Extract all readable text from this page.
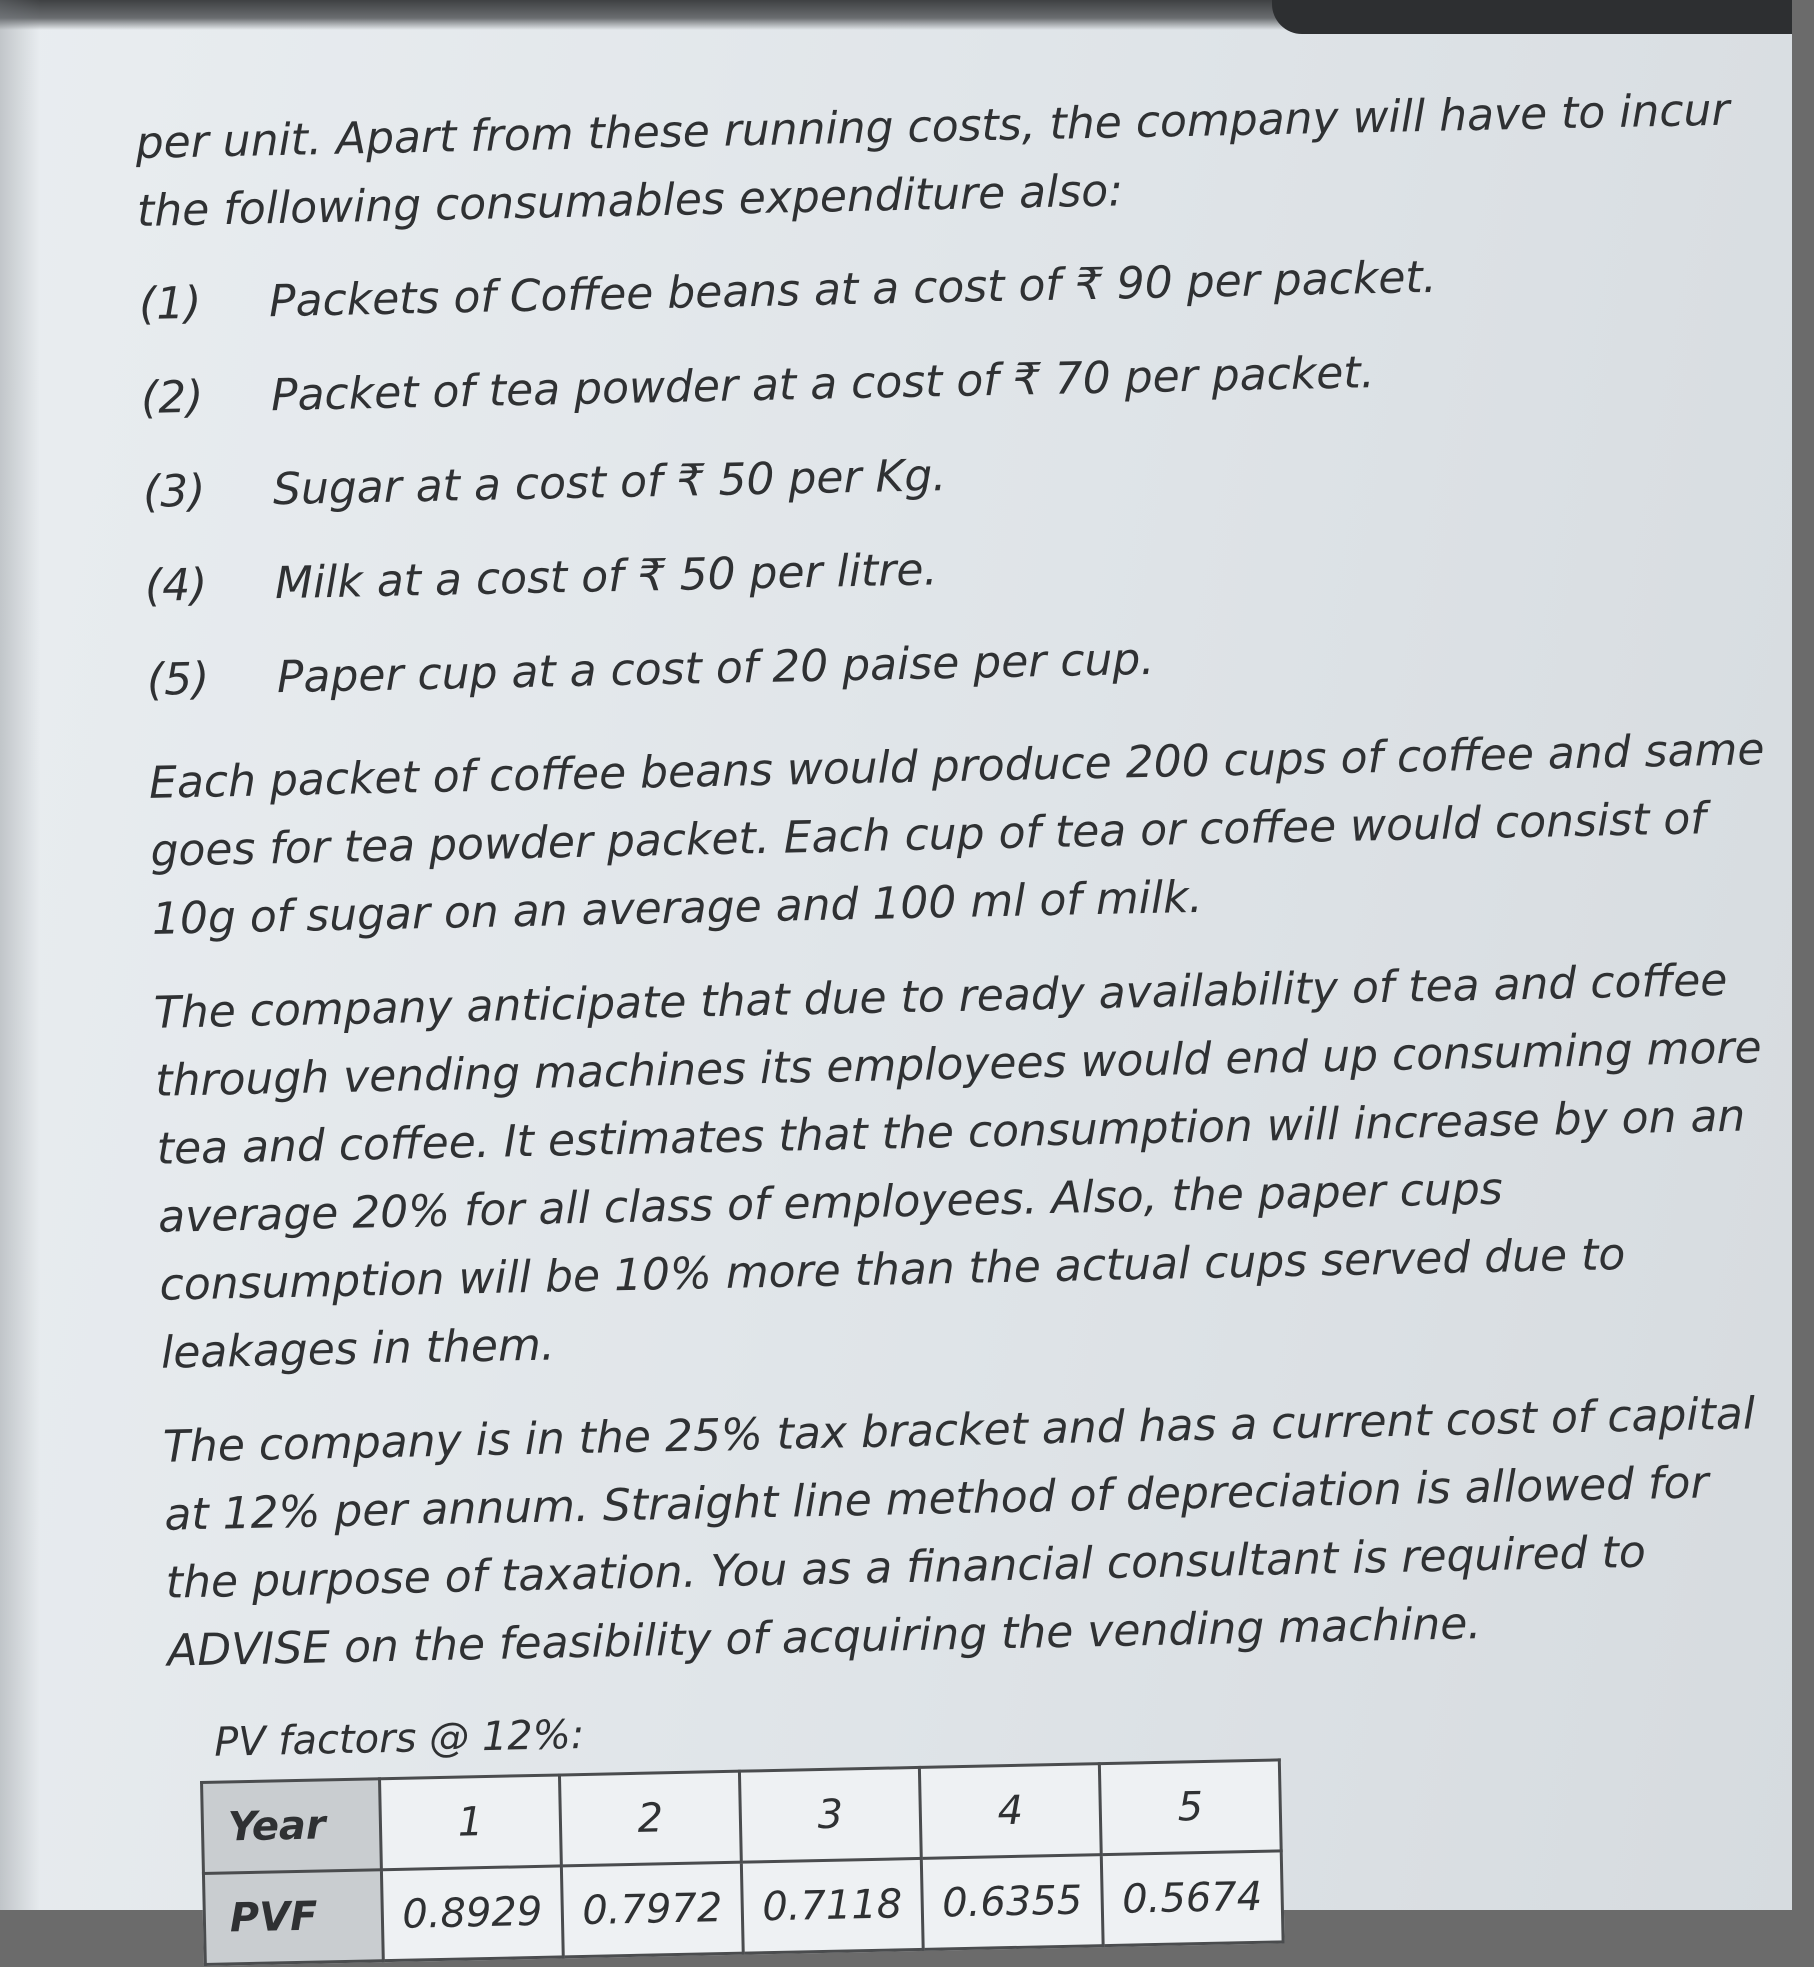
per unit. Apart from these running costs, the company will have to incur the following consumables expenditure also:

(1)	Packets of Coffee beans at a cost of ₹ 90 per packet.
(2)	Packet of tea powder at a cost of ₹ 70 per packet.
(3)	Sugar at a cost of ₹ 50 per Kg.
(4)	Milk at a cost of ₹ 50 per litre.
(5)	Paper cup at a cost of 20 paise per cup.

Each packet of coffee beans would produce 200 cups of coffee and same goes for tea powder packet. Each cup of tea or coffee would consist of 10g of sugar on an average and 100 ml of milk.

The company anticipate that due to ready availability of tea and coffee through vending machines its employees would end up consuming more tea and coffee. It estimates that the consumption will increase by on an average 20% for all class of employees. Also, the paper cups consumption will be 10% more than the actual cups served due to leakages in them.

The company is in the 25% tax bracket and has a current cost of capital at 12% per annum. Straight line method of depreciation is allowed for the purpose of taxation. You as a financial consultant is required to ADVISE on the feasibility of acquiring the vending machine.

PV factors @ 12%:
Year	1	2	3	4	5
PVF	0.8929	0.7972	0.7118	0.6355	0.5674
